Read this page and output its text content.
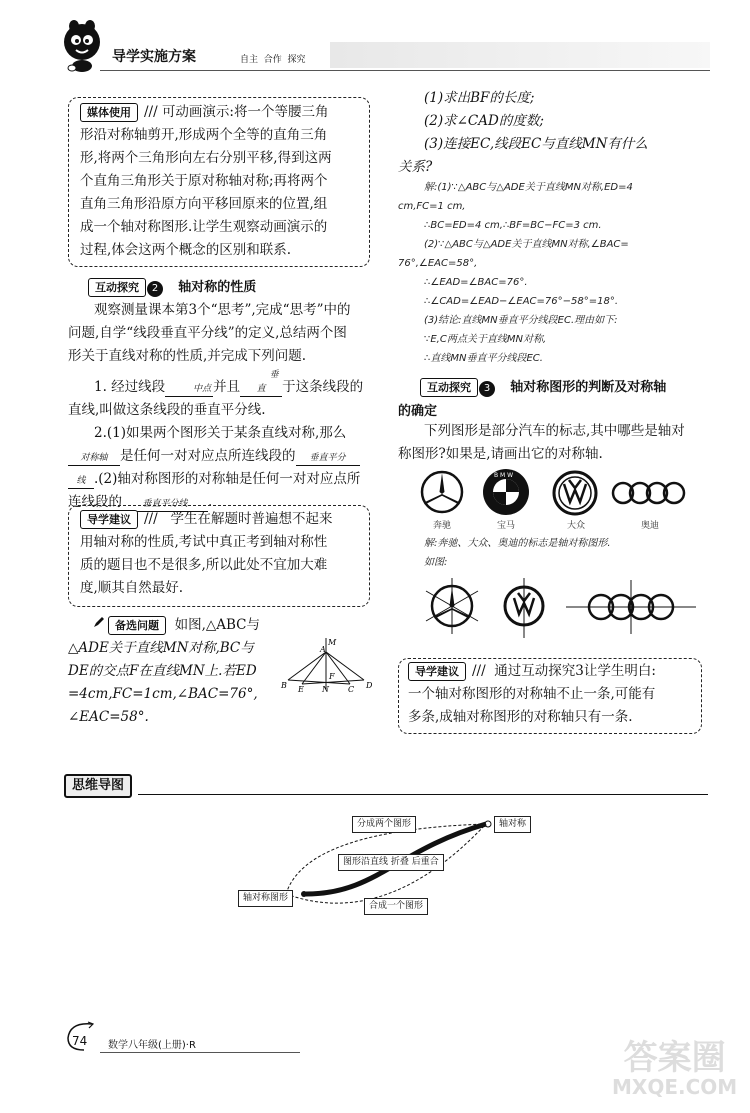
导学实施方案	自主  合作  探究
媒体使用 /// 可动画演示:将一个等腰三角
形沿对称轴剪开,形成两个全等的直角三角
形,将两个三角形向左右分别平移,得到这两
个直角三角形关于原对称轴对称;再将两个
直角三角形沿原方向平移回原来的位置,组
成一个轴对称图形.让学生观察动画演示的
过程,体会这两个概念的区别和联系.
互动探究 2 轴对称的性质
观察测量课本第3个“思考”,完成“思考”中的
问题,自学“线段垂直平分线”的定义,总结两个图
形关于直线对称的性质,并完成下列问题.
1. 经过线段	中点 并且垂直 于这条线段的
直线,叫做这条线段的垂直平分线.
2.(1)如果两个图形关于某条直线对称,那么
对称轴 是任何一对对应点所连线段的 垂直平分
线 .(2)轴对称图形的对称轴是任何一对对应点所
连线段的 垂直平分线 .
导学建议 ///   学生在解题时普遍想不起来
用轴对称的性质,考试中真正考到轴对称性
质的题目也不是很多,所以此处不宜加大难
度,顺其自然最好.
备选问题 如图,△ABC与
△ADE关于直线MN对称,BC与
DE的交点F在直线MN上.若ED
=4cm,FC=1cm,∠BAC=76°,
∠EAC=58°.
M
A
B E
F
C
N	D
(1)求出BF的长度;
(2)求∠CAD的度数;
(3)连接EC,线段EC与直线MN有什么
关系?
解:(1)∵△ABC与△ADE关于直线MN对称,ED=4
cm,FC=1 cm,
∴BC=ED=4 cm,∴BF=BC−FC=3 cm.
(2)∵△ABC与△ADE关于直线MN对称,∠BAC=
76°,∠EAC=58°,
∴∠EAD=∠BAC=76°.
∴∠CAD=∠EAD−∠EAC=76°−58°=18°.
(3)结论:直线MN垂直平分线段EC.理由如下:
∵E,C两点关于直线MN对称,
∴直线MN垂直平分线段EC.
互动探究 3 轴对称图形的判断及对称轴
的确定
下列图形是部分汽车的标志,其中哪些是轴对
称图形?如果是,请画出它的对称轴.
B M W
奔驰	宝马	大众	奥迪
解:奔驰、大众、奥迪的标志是轴对称图形.
如图:
导学建议 ///  通过互动探究3让学生明白:
一个轴对称图形的对称轴不止一条,可能有
多条,成轴对称图形的对称轴只有一条.
思维导图
分成两个图形	轴对称
图形沿直线 折叠 后重合
轴对称图形
合成一个图形
答案圈
MXQE.COM
74 数学八年级(上册)·R
